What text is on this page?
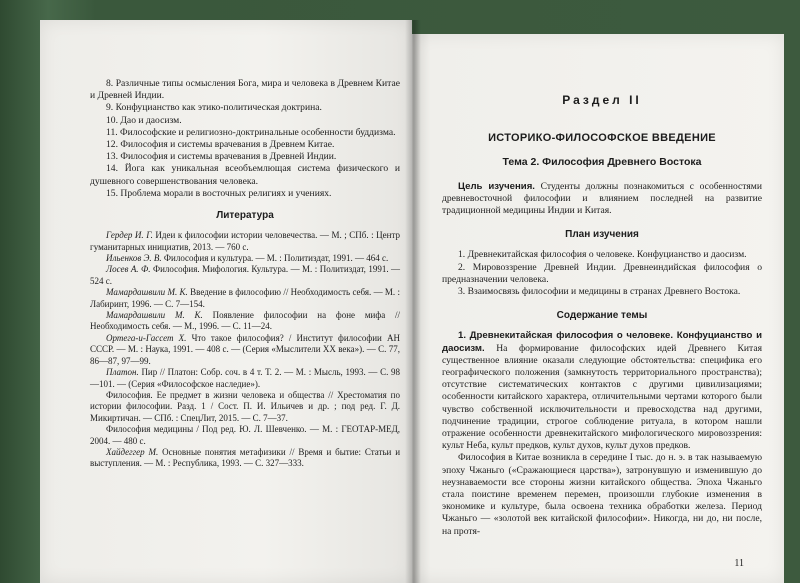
8. Различные типы осмысления Бога, мира и человека в Древнем Китае и Древней Индии.

9. Конфуцианство как этико-политическая доктрина.

10. Дао и даосизм.

11. Философские и религиозно-доктринальные особенности буддизма.

12. Философия и системы врачевания в Древнем Китае.

13. Философия и системы врачевания в Древней Индии.

14. Йога как уникальная всеобъемлющая система физического и душевного совершенствования человека.

15. Проблема морали в восточных религиях и учениях.

Литература

Гердер И. Г. Идеи к философии истории человечества. — М. ; СПб. : Центр гуманитарных инициатив, 2013. — 760 с.

Ильенков Э. В. Философия и культура. — М. : Политиздат, 1991. — 464 с.

Лосев А. Ф. Философия. Мифология. Культура. — М. : Политиздат, 1991. — 524 с.

Мамардашвили М. К. Введение в философию // Необходимость себя. — М. : Лабиринт, 1996. — С. 7—154.

Мамардашвили М. К. Появление философии на фоне мифа // Необходимость себя. — М., 1996. — С. 11—24.

Ортега-и-Гассет Х. Что такое философия? / Институт философии АН СССР. — М. : Наука, 1991. — 408 с. — (Серия «Мыслители XX века»). — С. 77, 86—87, 97—99.

Платон. Пир // Платон: Собр. соч. в 4 т. Т. 2. — М. : Мысль, 1993. — С. 98—101. — (Серия «Философское наследие»).

Философия. Ее предмет в жизни человека и общества // Хрестоматия по истории философии. Разд. 1 / Сост. П. И. Ильичев и др. ; под ред. Г. Д. Микиртичан. — СПб. : СпецЛит, 2015. — С. 7—37.

Философия медицины / Под ред. Ю. Л. Шевченко. — М. : ГЕОТАР-МЕД, 2004. — 480 с.

Хайдеггер М. Основные понятия метафизики // Время и бытие: Статьи и выступления. — М. : Республика, 1993. — С. 327—333.

Раздел II
ИСТОРИКО-ФИЛОСОФСКОЕ ВВЕДЕНИЕ
Тема 2. Философия Древнего Востока

Цель изучения. Студенты должны познакомиться с особенностями древневосточной философии и влиянием последней на развитие традиционной медицины Индии и Китая.

План изучения

1. Древнекитайская философия о человеке. Конфуцианство и даосизм.

2. Мировоззрение Древней Индии. Древнеиндийская философия о предназначении человека.

3. Взаимосвязь философии и медицины в странах Древнего Востока.

Содержание темы

1. Древнекитайская философия о человеке. Конфуцианство и даосизм. На формирование философских идей Древнего Китая существенное влияние оказали следующие обстоятельства: специфика его географического положения (замкнутость территориального пространства); отсутствие систематических контактов с другими цивилизациями; особенности китайского характера, отличительными чертами которого были чувство собственной исключительности и превосходства над другими, подчинение традиции, строгое соблюдение ритуала, в котором нашли отражение особенности древнекитайского мифологического мировоззрения: культ Неба, культ предков, культ духов, культ духов предков.

Философия в Китае возникла в середине I тыс. до н. э. в так называемую эпоху Чжаньго («Сражающиеся царства»), затронувшую и изменившую до неузнаваемости все стороны жизни китайского общества. Эпоха Чжаньго стала поистине временем перемен, произошли глубокие изменения в экономике и культуре, была освоена техника обработки железа. Период Чжаньго — «золотой век китайской философии». Никогда, ни до, ни после, на протя-

11
